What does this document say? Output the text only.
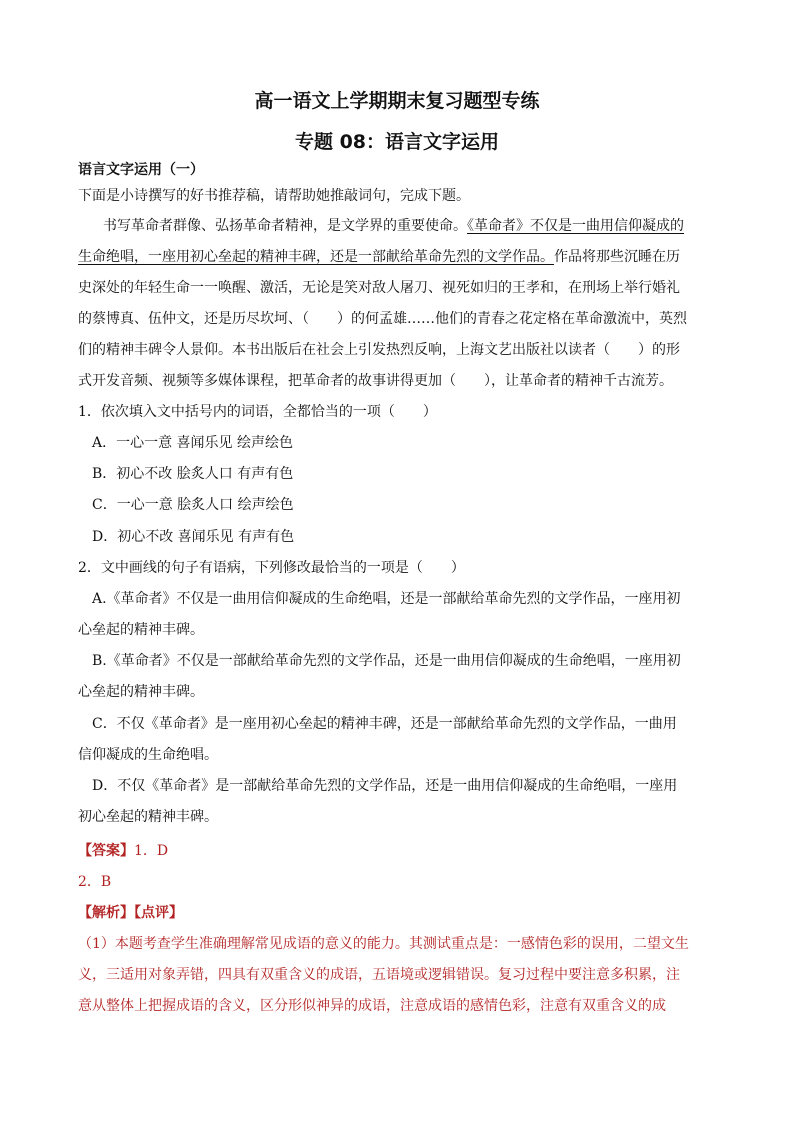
高一语文上学期期末复习题型专练
专题 08：语言文字运用
语言文字运用（一）
下面是小诗撰写的好书推荐稿，请帮助她推敲词句，完成下题。
书写革命者群像、弘扬革命者精神，是文学界的重要使命。《革命者》不仅是一曲用信仰凝成的
生命绝唱，一座用初心垒起的精神丰碑，还是一部献给革命先烈的文学作品。作品将那些沉睡在历
史深处的年轻生命一一唤醒、激活，无论是笑对敌人屠刀、视死如归的王孝和，在刑场上举行婚礼
的蔡博真、伍仲文，还是历尽坎坷、（　　）的何孟雄……他们的青春之花定格在革命激流中，英烈
们的精神丰碑令人景仰。本书出版后在社会上引发热烈反响，上海文艺出版社以读者（　　）的形
式开发音频、视频等多媒体课程，把革命者的故事讲得更加（　　），让革命者的精神千古流芳。
1．依次填入文中括号内的词语，全都恰当的一项（　　）
A．一心一意 喜闻乐见 绘声绘色
B．初心不改 脍炙人口 有声有色
C．一心一意 脍炙人口 绘声绘色
D．初心不改 喜闻乐见 有声有色
2．文中画线的句子有语病，下列修改最恰当的一项是（　　）
A.《革命者》不仅是一曲用信仰凝成的生命绝唱，还是一部献给革命先烈的文学作品，一座用初
心垒起的精神丰碑。
B.《革命者》不仅是一部献给革命先烈的文学作品，还是一曲用信仰凝成的生命绝唱，一座用初
心垒起的精神丰碑。
C．不仅《革命者》是一座用初心垒起的精神丰碑，还是一部献给革命先烈的文学作品，一曲用
信仰凝成的生命绝唱。
D．不仅《革命者》是一部献给革命先烈的文学作品，还是一曲用信仰凝成的生命绝唱，一座用
初心垒起的精神丰碑。
【答案】1．D
2．B
【解析】【点评】
（1）本题考查学生准确理解常见成语的意义的能力。其测试重点是：一感情色彩的误用，二望文生
义，三适用对象弄错，四具有双重含义的成语，五语境或逻辑错误。复习过程中要注意多积累，注
意从整体上把握成语的含义，区分形似神异的成语，注意成语的感情色彩，注意有双重含义的成
